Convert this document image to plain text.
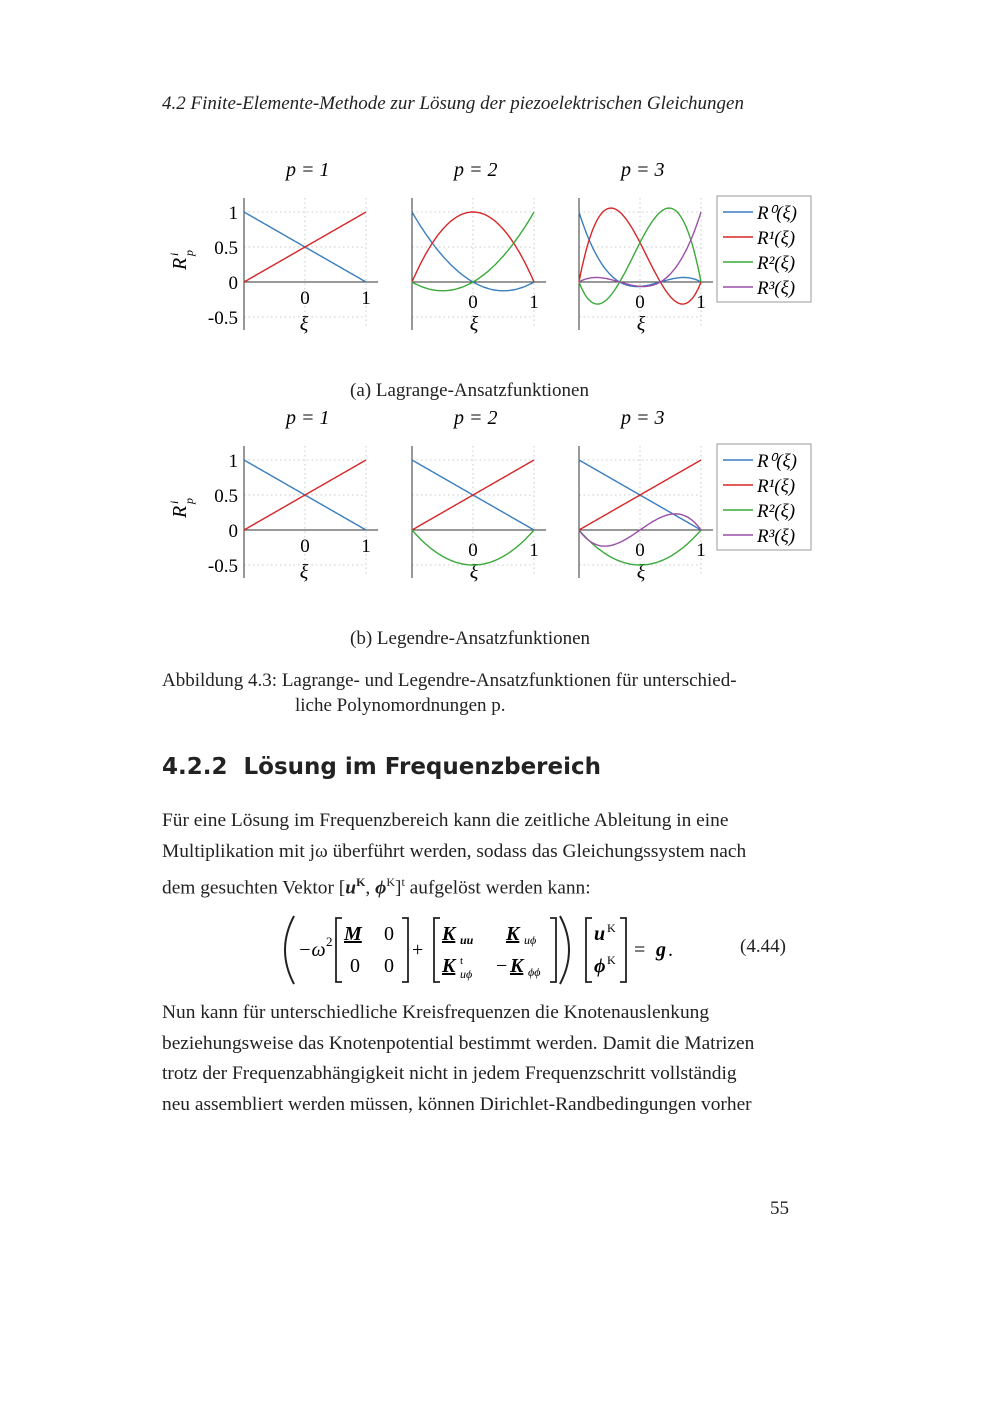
4.2 Finite-Elemente-Methode zur Lösung der piezoelektrischen Gleichungen
R
i p
1
0.5
0
-0.5
p = 1
0	1
ξ
p = 2
0	1
ξ
p = 3
0	1
ξ
R⁰(ξ)
R¹(ξ)
R²(ξ)
R³(ξ)
R
i p
1
0.5
0
-0.5
p = 1
0	1
ξ
p = 2
0	1
ξ
p = 3
0	1
ξ
R⁰(ξ)
R¹(ξ)
R²(ξ)
R³(ξ)
(a) Lagrange-Ansatzfunktionen
(b) Legendre-Ansatzfunktionen
Abbildung 4.3: Lagrange- und Legendre-Ansatzfunktionen für unterschied-
liche Polynomordnungen p.
4.2.2 Lösung im Frequenzbereich
Für eine Lösung im Frequenzbereich kann die zeitliche Ableitung in eine
Multiplikation mit jω überführt werden, sodass das Gleichungssystem nach
dem gesuchten Vektor [$u^K$, $\phi^K]^t$ aufgelöst werden kann:
−ω 2 M 0
0 0
+
K uu K uϕ
K t
uϕ − K ϕϕ
u K
ϕ K = g .	(4.44)
Nun kann für unterschiedliche Kreisfrequenzen die Knotenauslenkung
beziehungsweise das Knotenpotential bestimmt werden. Damit die Matrizen
trotz der Frequenzabhängigkeit nicht in jedem Frequenzschritt vollständig
neu assembliert werden müssen, können Dirichlet-Randbedingungen vorher
55
